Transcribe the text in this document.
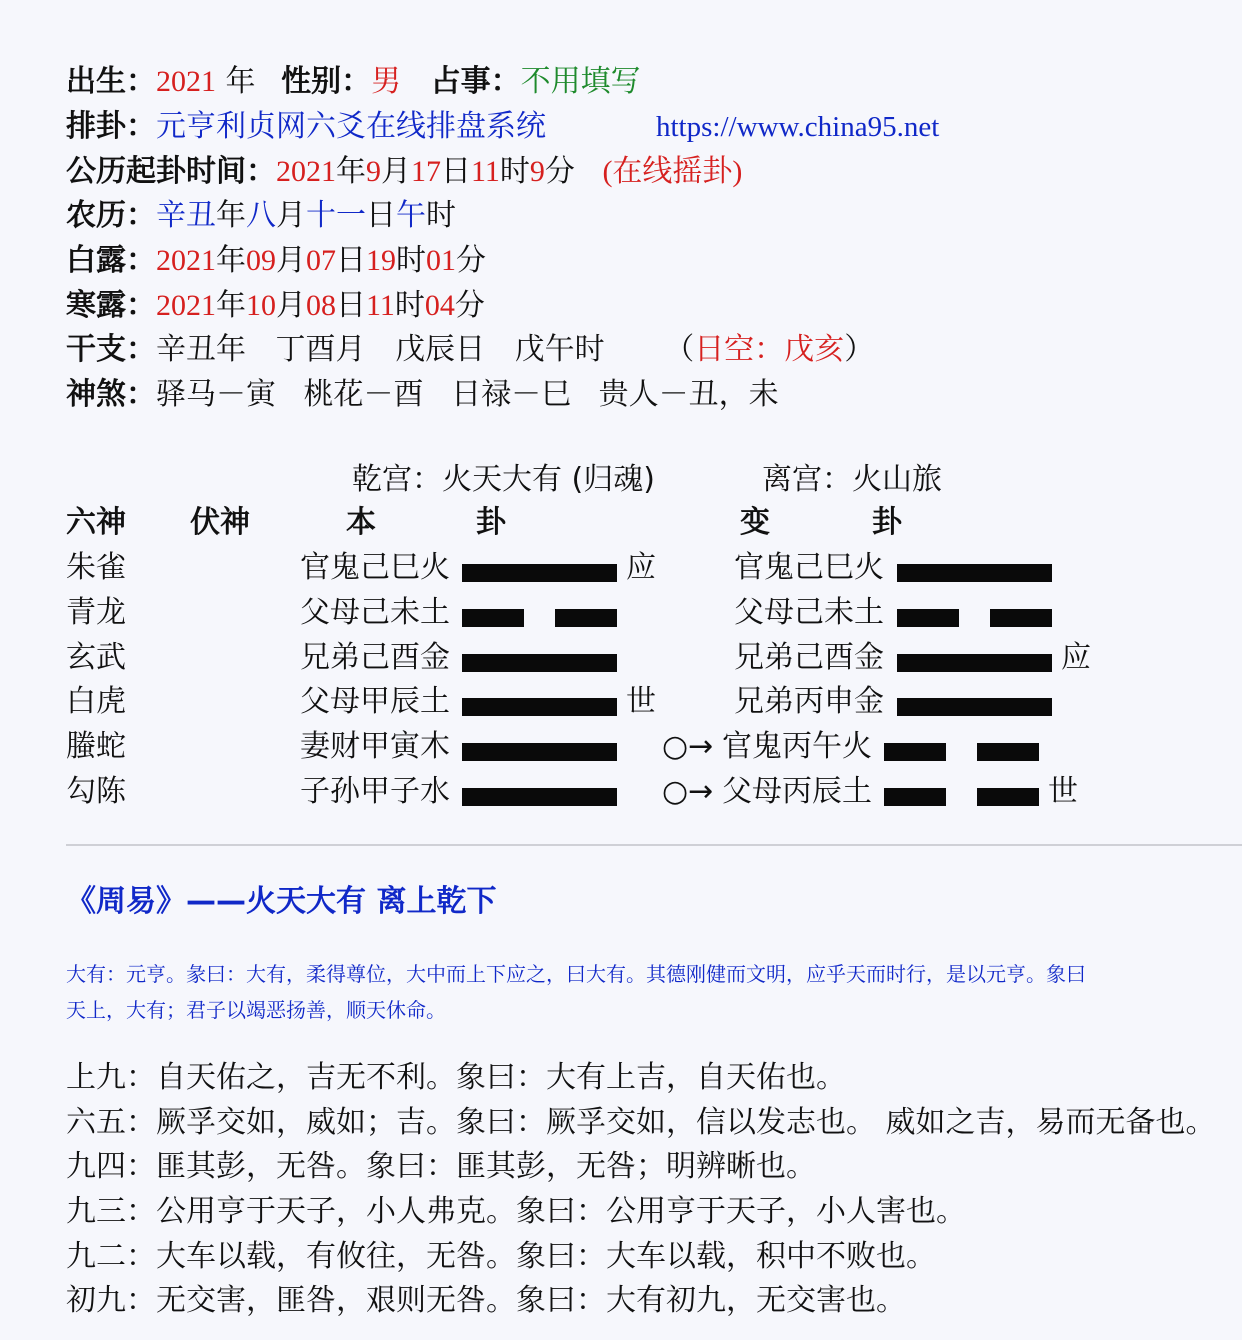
出生：2021 年 性别：男 占事：不用填写
排卦：元亨利贞网六爻在线排盘系统	https://www.china95.net
公历起卦时间：2021年9月17日11时9分 (在线摇卦)
农历：辛丑年八月十一日午时
白露：2021年09月07日19时01分
寒露：2021年10月08日11时04分
干支：辛丑年 丁酉月 戊辰日 戊午时 （日空：戊亥）
神煞：驿马－寅 桃花－酉 日禄－巳 贵人－丑，未
乾宫：火天大有 (归魂)	离宫：火山旅
六神 伏神	本	卦	变	卦
朱雀	官鬼己巳火	应	官鬼己巳火
青龙	父母己未土	父母己未土
玄武	兄弟己酉金	兄弟己酉金	应
白虎	父母甲辰土	世	兄弟丙申金
螣蛇	妻财甲寅木	○→ 官鬼丙午火
勾陈	子孙甲子水	○→ 父母丙辰土	世
《周易》——火天大有 离上乾下
大有：元亨。彖曰：大有，柔得尊位，大中而上下应之，曰大有。其德刚健而文明，应乎天而时行，是以元亨。象曰
天上，大有；君子以竭恶扬善，顺天休命。
上九：自天佑之，吉无不利。象曰：大有上吉，自天佑也。
六五：厥孚交如，威如；吉。象曰：厥孚交如，信以发志也。 威如之吉，易而无备也。
九四：匪其彭，无咎。象曰：匪其彭，无咎；明辨晰也。
九三：公用亨于天子，小人弗克。象曰：公用亨于天子，小人害也。
九二：大车以载，有攸往，无咎。象曰：大车以载，积中不败也。
初九：无交害，匪咎，艰则无咎。象曰：大有初九，无交害也。
